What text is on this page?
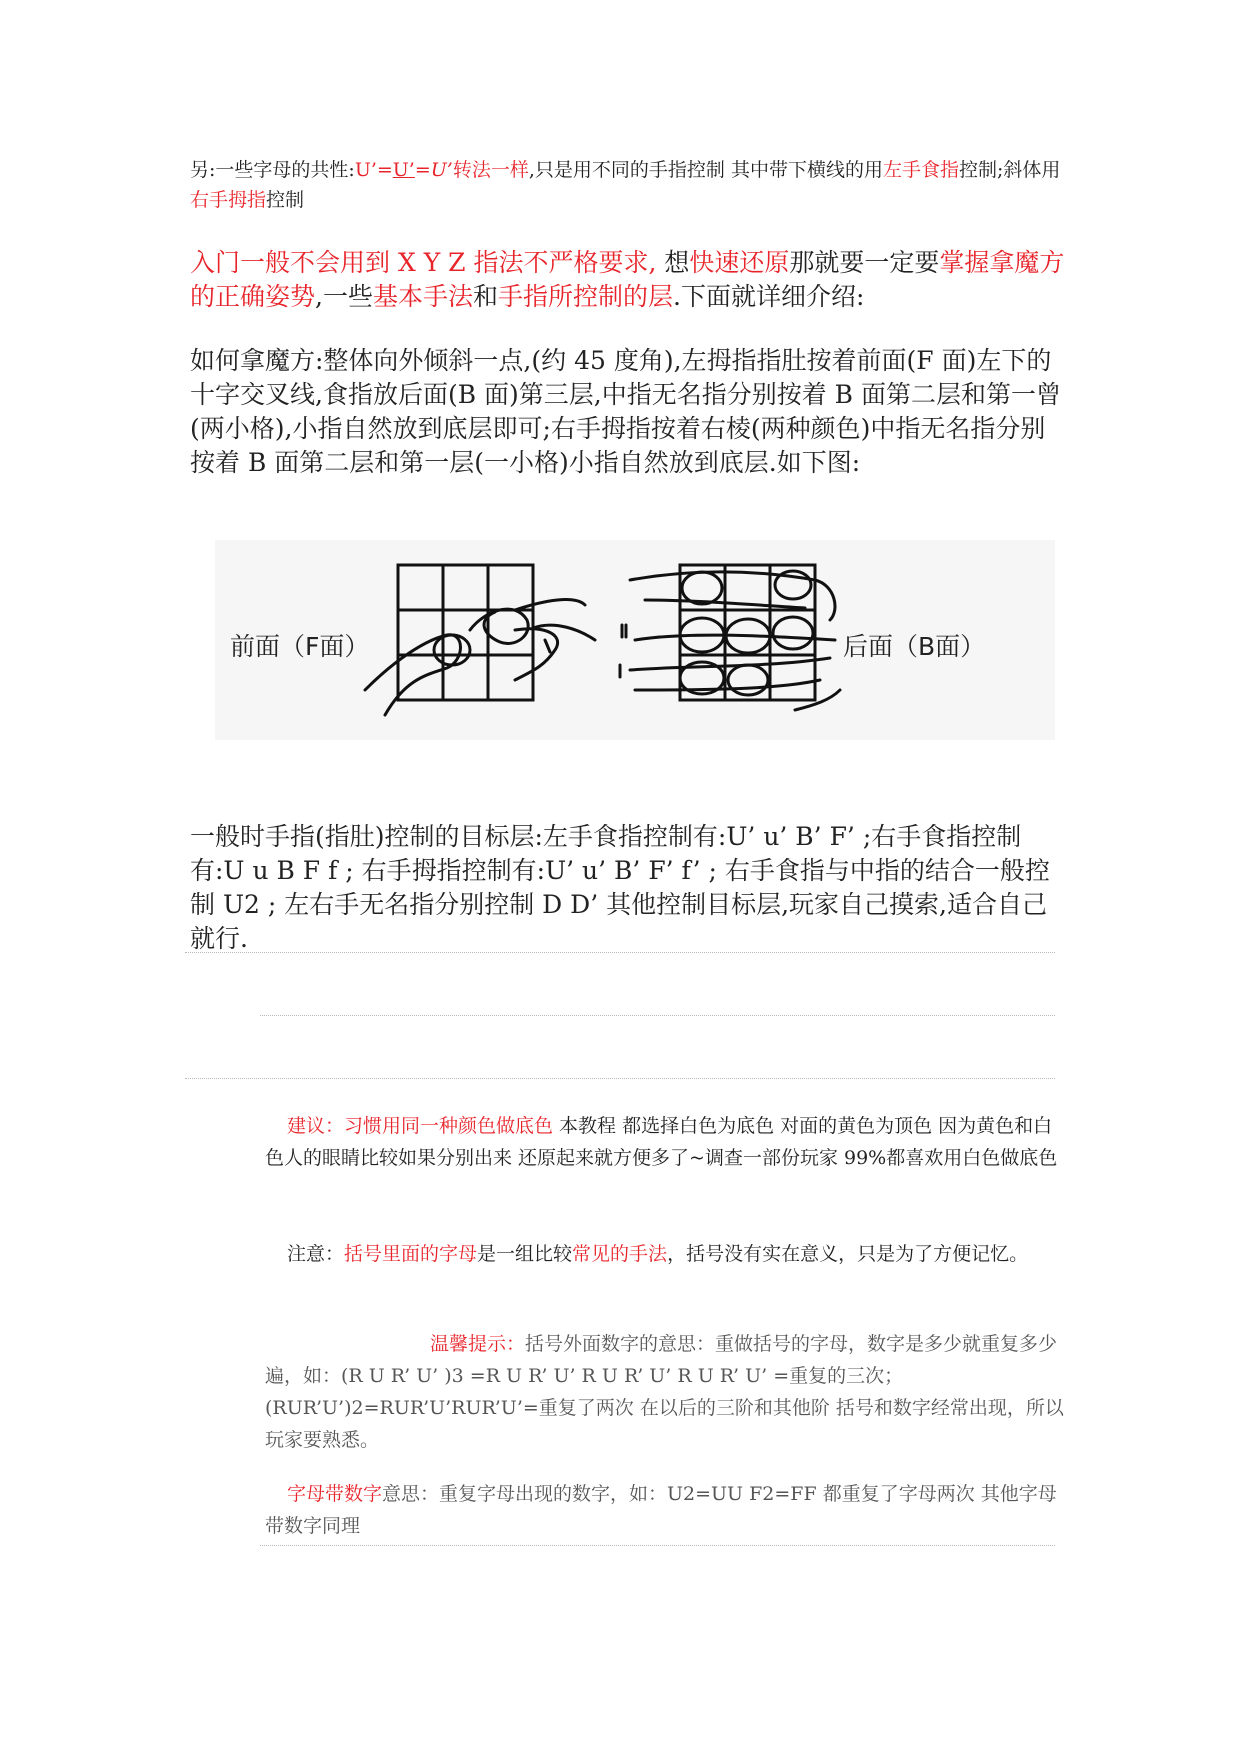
另:一些字母的共性:U’=U’=U’转法一样,只是用不同的手指控制 其中带下横线的用左手食指控制;斜体用右手拇指控制
入门一般不会用到 X Y Z 指法不严格要求, 想快速还原那就要一定要掌握拿魔方的正确姿势,一些基本手法和手指所控制的层.下面就详细介绍:
如何拿魔方:整体向外倾斜一点,(约 45 度角),左拇指指肚按着前面(F 面)左下的十字交叉线,食指放后面(B 面)第三层,中指无名指分别按着 B 面第二层和第一曾(两小格),小指自然放到底层即可;右手拇指按着右棱(两种颜色)中指无名指分别按着 B 面第二层和第一层(一小格)小指自然放到底层.如下图:
前面（F面）	后面（B面）
一般时手指(指肚)控制的目标层:左手食指控制有:U’ u’ B’ F’ ;右手食指控制有:U u B F f ; 右手拇指控制有:U’ u’ B’ F’ f’ ; 右手食指与中指的结合一般控制 U2 ; 左右手无名指分别控制 D D’ 其他控制目标层,玩家自己摸索,适合自己就行.
建议：习惯用同一种颜色做底色 本教程 都选择白色为底色 对面的黄色为顶色 因为黄色和白色人的眼睛比较如果分别出来 还原起来就方便多了~调查一部份玩家 99%都喜欢用白色做底色
注意：括号里面的字母是一组比较常见的手法，括号没有实在意义，只是为了方便记忆。
温馨提示：括号外面数字的意思：重做括号的字母，数字是多少就重复多少遍，如：(R U R’ U’ )3 =R U R’ U’ R U R’ U’ R U R’ U’ =重复的三次；(RUR’U’)2=RUR’U’RUR’U’=重复了两次 在以后的三阶和其他阶 括号和数字经常出现，所以玩家要熟悉。
字母带数字意思：重复字母出现的数字，如：U2=UU F2=FF 都重复了字母两次 其他字母带数字同理
